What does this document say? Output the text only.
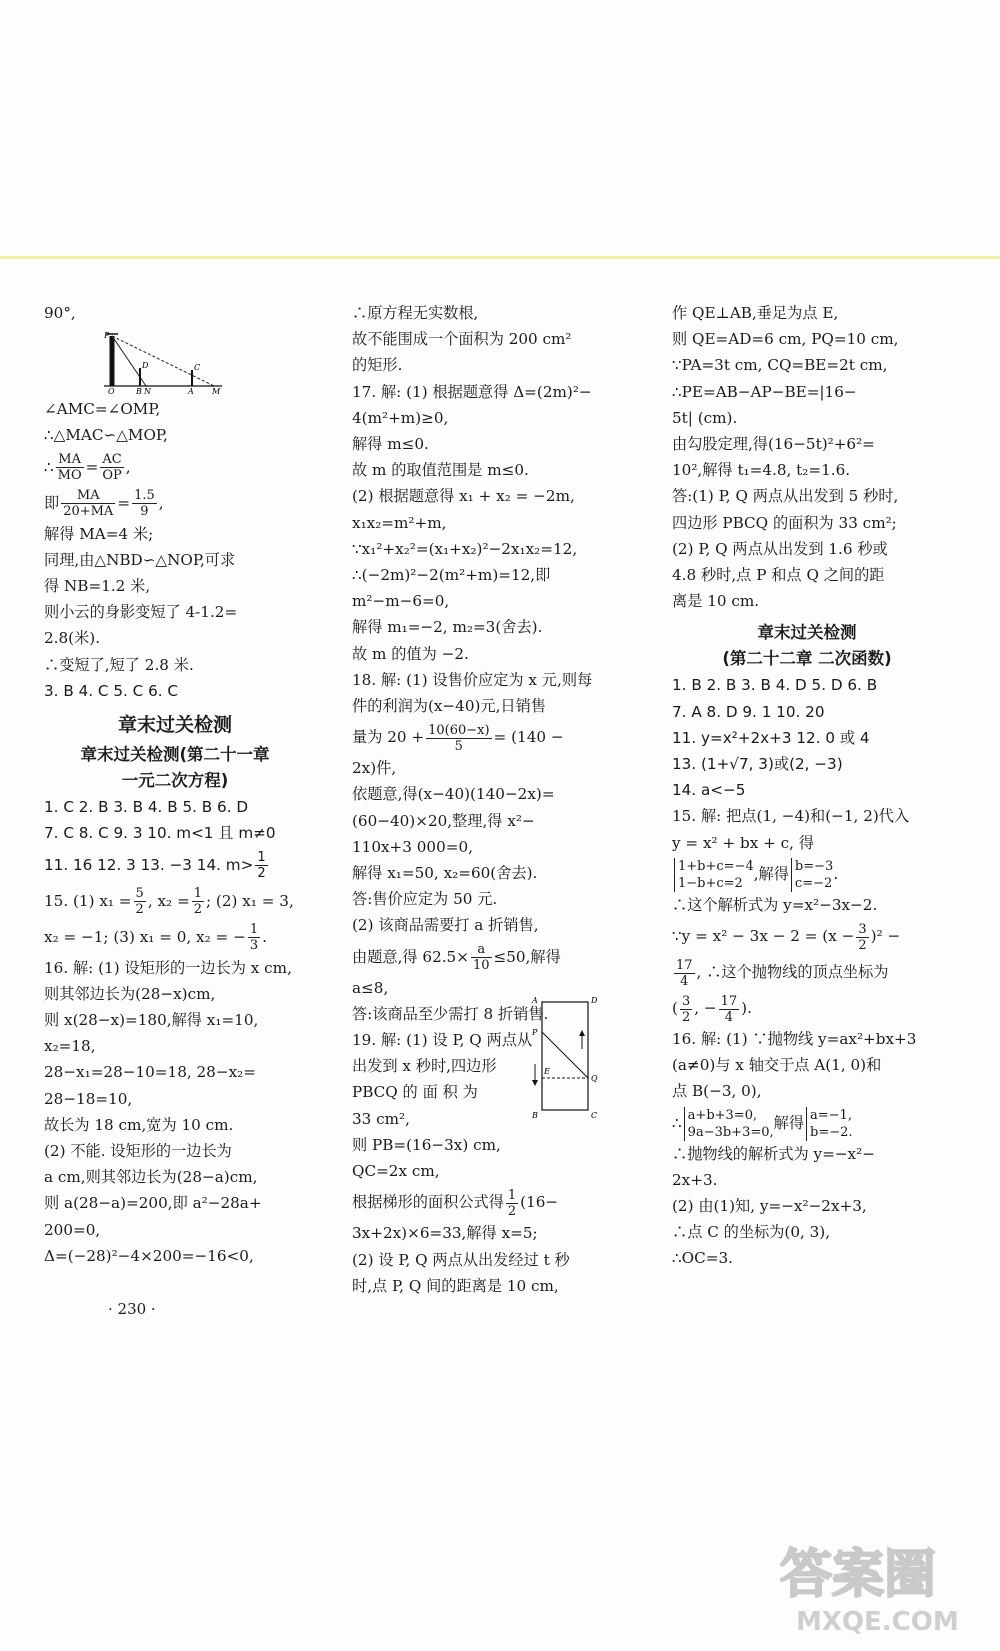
90°,
P
D	C
O	B N	A M
∠AMC=∠OMP,
∴△MAC∽△MOP,
∴ $\frac{MA}{MO} = \frac{AC}{OP}$ ,
即 $\frac{MA}{20+MA} = \frac{1.5}{9}$ ,
解得 MA=4 米;
同理,由△NBD∽△NOP,可求
得 NB=1.2 米,
则小云的身影变短了 4-1.2=
2.8(米).
∴变短了,短了 2.8 米.
3. B 4. C 5. C 6. C
章末过关检测
章末过关检测(第二十一章
一元二次方程)
1. C 2. B 3. B 4. B 5. B 6. D
7. C 8. C 9. 3 10. m<1 且 m≠0
11. 16 12. 3 13. −3 14. $m> \frac{1}{2}$
15. (1) $x_1 = \frac{5}{2}$ , $x_2 = \frac{1}{2}$ ; (2) x₁ = 3,
x₂ = −1; (3) x₁ = 0, x₂ = − $\frac{1}{3}$ .
16. 解: (1) 设矩形的一边长为 x cm,
则其邻边长为(28−x)cm,
则 x(28−x)=180,解得 x₁=10,
x₂=18,
28−x₁=28−10=18, 28−x₂=
28−18=10,
故长为 18 cm,宽为 10 cm.
(2) 不能. 设矩形的一边长为
a cm,则其邻边长为(28−a)cm,
则 a(28−a)=200,即 a²−28a+
200=0,
Δ=(−28)²−4×200=−16<0,
∴原方程无实数根,
故不能围成一个面积为 200 cm²
的矩形.
17. 解: (1) 根据题意得 Δ=(2m)²−
4(m²+m)≥0,
解得 m≤0.
故 m 的取值范围是 m≤0.
(2) 根据题意得 x₁ + x₂ = −2m,
x₁x₂=m²+m,
∵x₁²+x₂²=(x₁+x₂)²−2x₁x₂=12,
∴(−2m)²−2(m²+m)=12,即
m²−m−6=0,
解得 m₁=−2, m₂=3(舍去).
故 m 的值为 −2.
18. 解: (1) 设售价应定为 x 元,则每
件的利润为(x−40)元,日销售
量为 $20 + \frac{10(60-x)}{5} = (140$ −
2x)件,
依题意,得(x−40)(140−2x)=
(60−40)×20,整理,得 x²−
110x+3 000=0,
解得 x₁=50, x₂=60(舍去).
答:售价应定为 50 元.
(2) 该商品需要打 a 折销售,
由题意,得 $62.5\times \frac{a}{10} \le 50$,解得
a≤8,
答:该商品至少需打 8 折销售.
19. 解: (1) 设 P, Q 两点从
出发到 x 秒时,四边形
PBCQ 的 面 积 为
33 cm²,
则 PB=(16−3x) cm,
QC=2x cm,
根据梯形的面积公式得 $\frac{1}{2} (16-$
3x+2x)×6=33,解得 x=5;
(2) 设 P, Q 两点从出发经过 t 秒
时,点 P, Q 间的距离是 10 cm,
A	D
P
E
Q
B	C
作 QE⊥AB,垂足为点 E,
则 QE=AD=6 cm, PQ=10 cm,
∵PA=3t cm, CQ=BE=2t cm,
∴PE=AB−AP−BE=|16−
5t| (cm).
由勾股定理,得(16−5t)²+6²=
10²,解得 t₁=4.8, t₂=1.6.
答:(1) P, Q 两点从出发到 5 秒时,
四边形 PBCQ 的面积为 33 cm²;
(2) P, Q 两点从出发到 1.6 秒或
4.8 秒时,点 P 和点 Q 之间的距
离是 10 cm.
章末过关检测
(第二十二章 二次函数)
1. B 2. B 3. B 4. D 5. D 6. B
7. A 8. D 9. 1 10. 20
11. y=x²+2x+3 12. 0 或 4
13. (1+√7, 3)或(2, −3)
14. a<−5
15. 解: 把点(1, −4)和(−1, 2)代入
y = x² + bx + c, 得
1+b+c=−4
1−b+c=2
,解得 b=−3
c=−2
.
∴这个解析式为 y=x²−3x−2.
∵y = $x^2 - 3x - 2 = (x - \frac{3}{2} )^2$ −
$\frac{17}{4}$ , ∴这个抛物线的顶点坐标为
( $\frac{3}{2}$ , − $\frac{17}{4}$ ).
16. 解: (1) ∵抛物线 y=ax²+bx+3
(a≠0)与 x 轴交于点 A(1, 0)和
点 B(−3, 0),
∴ a+b+3=0,
9a−3b+3=0,
解得 a=−1,
b=−2.
∴抛物线的解析式为 y=−x²−
2x+3.
(2) 由(1)知, y=−x²−2x+3,
∴点 C 的坐标为(0, 3),
∴OC=3.
· 230 ·
答案圈
MXQE.COM
